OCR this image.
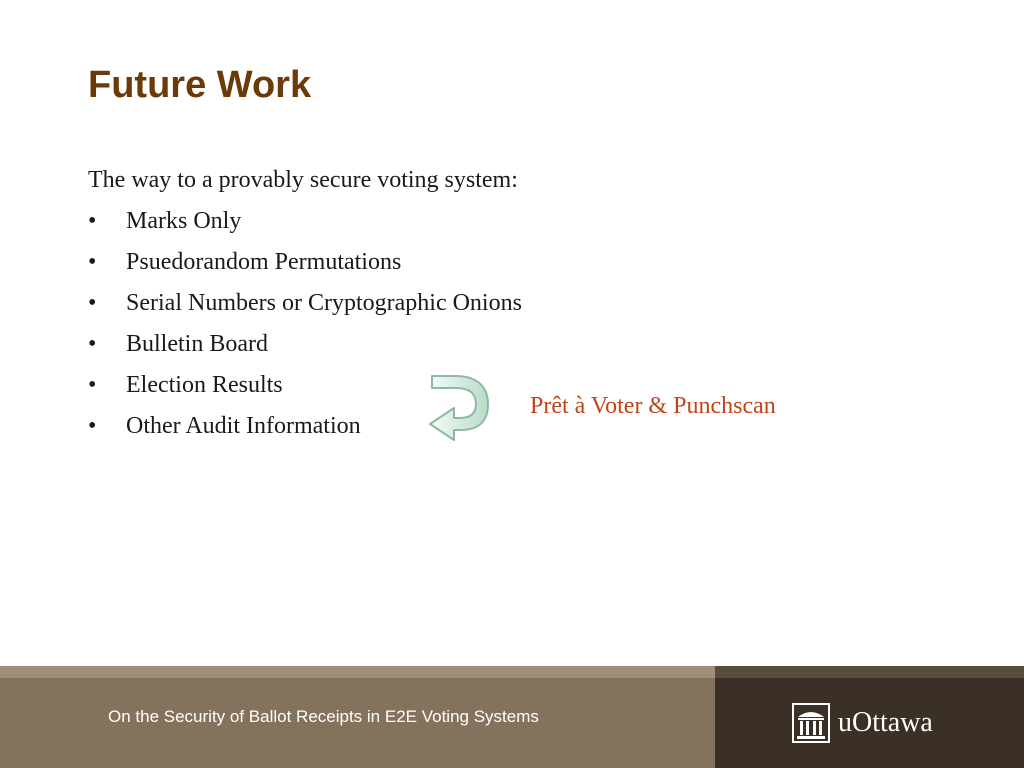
Future Work
The way to a provably secure voting system:
• Marks Only
• Psuedorandom Permutations
• Serial Numbers or Cryptographic Onions
• Bulletin Board
• Election Results
• Other Audit Information
Prêt à Voter & Punchscan
On the Security of Ballot Receipts in E2E Voting Systems	uOttawa
